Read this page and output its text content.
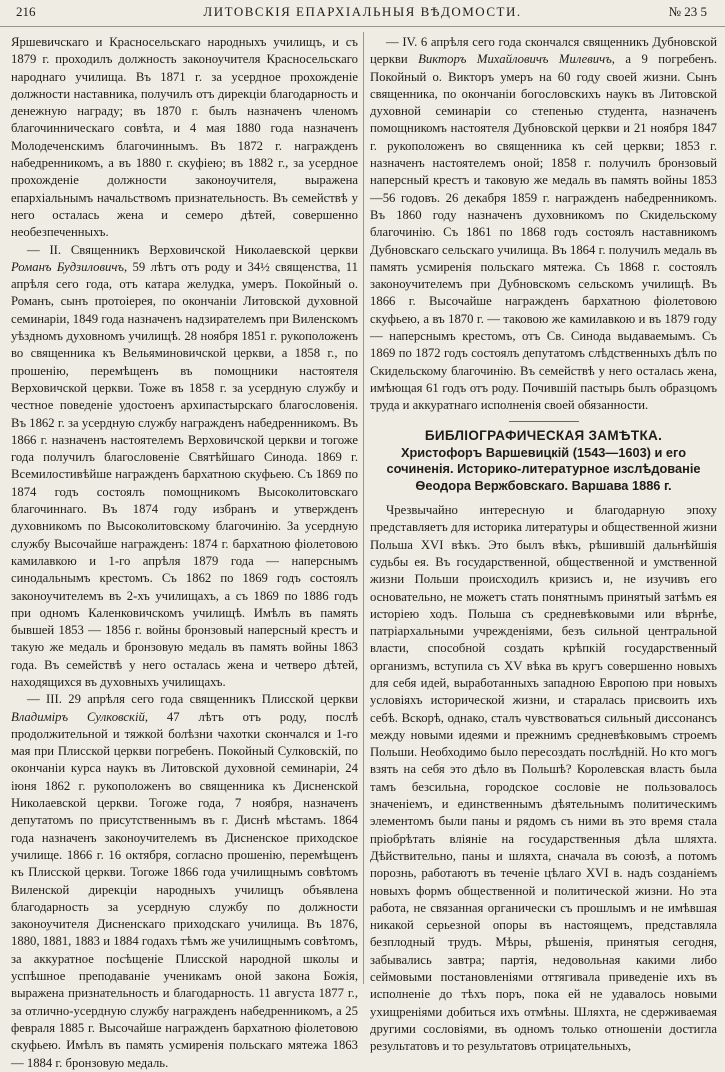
216	ЛИТОВСКІЯ ЕПАРХІАЛЬНЫЯ ВѢДОМОСТИ.	№ 23 5

Яршевичскаго и Красносельскаго народныхъ училищъ, и съ 1879 г. проходилъ должность законоучителя Красносельскаго народнаго училища. Въ 1871 г. за усердное прохожденіе должности наставника, получилъ отъ дирекціи благодарность и денежную награду; въ 1870 г. былъ назначенъ членомъ благочинническаго совѣта, и 4 мая 1880 года назначенъ Молодеченскимъ благочиннымъ. Въ 1872 г. награжденъ набедренникомъ, а въ 1880 г. скуфіею; въ 1882 г., за усердное прохожденіе должности законоучителя, выражена епархіальнымъ начальствомъ признательность. Въ семействѣ у него осталась жена и семеро дѣтей, совершенно необезпеченныхъ.

— II. Священникъ Верховичской Николаевской церкви Романъ Будзиловичъ, 59 лѣтъ отъ роду и 34½ священства, 11 апрѣля сего года, отъ катара желудка, умеръ. Покойный о. Романъ, сынъ протоіерея, по окончаніи Литовской духовной семинаріи, 1849 года назначенъ надзирателемъ при Виленскомъ уѣздномъ духовномъ училищѣ. 28 ноября 1851 г. рукоположенъ во священника къ Вельяминовичской церкви, а 1858 г., по прошенію, перемѣщенъ въ помощники настоятеля Верховичской церкви. Тоже въ 1858 г. за усердную службу и честное поведеніе удостоенъ архипастырскаго благословенія. Въ 1862 г. за усердную службу награжденъ набедренникомъ. Въ 1866 г. назначенъ настоятелемъ Верховичской церкви и тогоже года получилъ благословеніе Святѣйшаго Синода. 1869 г. Всемилостивѣйше награжденъ бархатною скуфьею. Съ 1869 по 1874 годъ состоялъ помощникомъ Высоколитовскаго благочиннаго. Въ 1874 году избранъ и утвержденъ духовникомъ по Высоколитовскому благочинію. За усердную службу Высочайше награжденъ: 1874 г. бархатною фіолетовою камилавкою и 1-го апрѣля 1879 года — наперснымъ синодальнымъ крестомъ. Съ 1862 по 1869 годъ состоялъ законоучителемъ въ 2-хъ училищахъ, а съ 1869 по 1886 годъ при одномъ Каленковичскомъ училищѣ. Имѣлъ въ память бывшей 1853 — 1856 г. войны бронзовый наперсный крестъ и такую же медаль и бронзовую медаль въ память войны 1863 года. Въ семействѣ у него осталась жена и четверо дѣтей, находящихся въ духовныхъ училищахъ.

— III. 29 апрѣля сего года священникъ Плисской церкви Владиміръ Сулковскій, 47 лѣтъ отъ роду, послѣ продолжительной и тяжкой болѣзни чахотки скончался и 1-го мая при Плисской церкви погребенъ. Покойный Сулковскій, по окончаніи курса наукъ въ Литовской духовной семинаріи, 24 іюня 1862 г. рукоположенъ во священника къ Дисненской Николаевской церкви. Тогоже года, 7 ноября, назначенъ депутатомъ по присутственнымъ въ г. Диснѣ мѣстамъ. 1864 года назначенъ законоучителемъ въ Дисненское приходское училище. 1866 г. 16 октября, согласно прошенію, перемѣщенъ къ Плисской церкви. Тогоже 1866 года училищнымъ совѣтомъ Виленской дирекціи народныхъ училищъ объявлена благодарность за усердную службу по должности законоучителя Дисненскаго приходскаго училища. Въ 1876, 1880, 1881, 1883 и 1884 годахъ тѣмъ же училищнымъ совѣтомъ, за аккуратное посѣщеніе Плисской народной школы и успѣшное преподаваніе ученикамъ оной закона Божія, выражена признательность и благодарность. 11 августа 1877 г., за отлично-усердную службу награжденъ набедренникомъ, а 25 февраля 1885 г. Высочайше награжденъ бархатною фіолетовою скуфьею. Имѣлъ въ память усмиренія польскаго мятежа 1863 — 1884 г. бронзовую медаль.

— IV. 6 апрѣля сего года скончался священникъ Дубновской церкви Викторъ Михайловичъ Милевичъ, а 9 погребенъ. Покойный о. Викторъ умеръ на 60 году своей жизни. Сынъ священника, по окончаніи богословскихъ наукъ въ Литовской духовной семинаріи со степенью студента, назначенъ помощникомъ настоятеля Дубновской церкви и 21 ноября 1847 г. рукоположенъ во священника къ сей церкви; 1853 г. назначенъ настоятелемъ оной; 1858 г. получилъ бронзовый наперсный крестъ и таковую же медаль въ память войны 1853—56 годовъ. 26 декабря 1859 г. награжденъ набедренникомъ. Въ 1860 году назначенъ духовникомъ по Скидельскому благочинію. Съ 1861 по 1868 годъ состоялъ наставникомъ Дубновскаго сельскаго училища. Въ 1864 г. получилъ медаль въ память усмиренія польскаго мятежа. Съ 1868 г. состоялъ законоучителемъ при Дубновскомъ сельскомъ училищѣ. Въ 1866 г. Высочайше награжденъ бархатною фіолетовою скуфьею, а въ 1870 г. — таковою же камилавкою и въ 1879 году — наперснымъ крестомъ, отъ Св. Синода выдаваемымъ. Съ 1869 по 1872 годъ состоялъ депутатомъ слѣдственныхъ дѣлъ по Скидельскому благочинію. Въ семействѣ у него осталась жена, имѣющая 61 годъ отъ роду. Почившій пастырь былъ образцомъ труда и аккуратнаго исполненія своей обязанности.

БИБЛІОГРАФИЧЕСКАЯ ЗАМѢТКА.
Христофоръ Варшевицкій (1543—1603) и его сочиненія. Историко-литературное изслѣдованіе Ѳеодора Вержбовскаго. Варшава 1886 г.

Чрезвычайно интересную и благодарную эпоху представляетъ для историка литературы и общественной жизни Польша XVI вѣкъ. Это былъ вѣкъ, рѣшившій дальнѣйшія судьбы ея. Въ государственной, общественной и умственной жизни Польши происходилъ кризисъ и, не изучивъ его основательно, не можетъ стать понятнымъ принятый затѣмъ ея исторіею ходъ. Польша съ средневѣковыми или вѣрнѣе, патріархальными учрежденіями, безъ сильной центральной власти, способной создать крѣпкій государственный организмъ, вступила съ XV вѣка въ кругъ совершенно новыхъ для себя идей, выработанныхъ западною Европою при новыхъ условіяхъ исторической жизни, и старалась присвоить ихъ себѣ. Вскорѣ, однако, сталъ чувствоваться сильный диссонансъ между новыми идеями и прежнимъ средневѣковымъ строемъ Польши. Необходимо было пересоздать послѣдній. Но кто могъ взять на себя это дѣло въ Польшѣ? Королевская власть была тамъ безсильна, городское сословіе не пользовалось значеніемъ, и единственнымъ дѣятельнымъ политическимъ элементомъ были паны и рядомъ съ ними въ это время стала пріобрѣтать вліяніе на государственныя дѣла шляхта. Дѣйствительно, паны и шляхта, сначала въ союзѣ, а потомъ порознь, работаютъ въ теченіе цѣлаго XVI в. надъ созданіемъ новыхъ формъ общественной и политической жизни. Но эта работа, не связанная органически съ прошлымъ и не имѣвшая никакой серьезной опоры въ настоящемъ, представляла безплодный трудъ. Мѣры, рѣшенія, принятыя сегодня, забывались завтра; партія, недовольная какими либо сеймовыми постановленіями оттягивала приведеніе ихъ въ исполненіе до тѣхъ поръ, пока ей не удавалось новыми ухищреніями добиться ихъ отмѣны. Шляхта, не сдерживаемая другими сословіями, въ одномъ только отношеніи достигла результатовъ и то результатовъ отрицательныхъ,
